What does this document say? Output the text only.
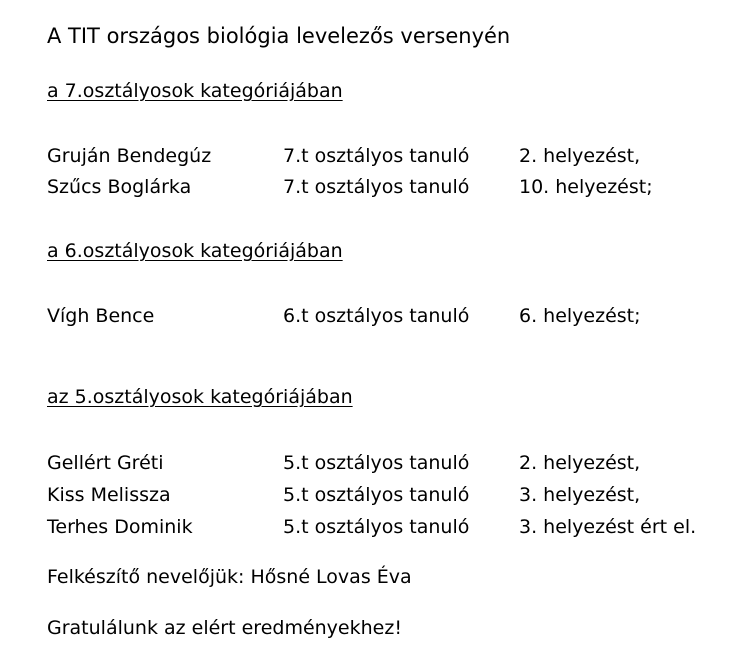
A TIT országos biológia levelezős versenyén
a 7.osztályosok kategóriájában
Gruján Bendegúz	7.t osztályos tanuló	2. helyezést,
Szűcs Boglárka	7.t osztályos tanuló	10. helyezést;
a 6.osztályosok kategóriájában
Vígh Bence	6.t osztályos tanuló	6. helyezést;
az 5.osztályosok kategóriájában
Gellért Gréti	5.t osztályos tanuló	2. helyezést,
Kiss Melissza	5.t osztályos tanuló	3. helyezést,
Terhes Dominik	5.t osztályos tanuló	3. helyezést ért el.
Felkészítő nevelőjük: Hősné Lovas Éva
Gratulálunk az elért eredményekhez!
